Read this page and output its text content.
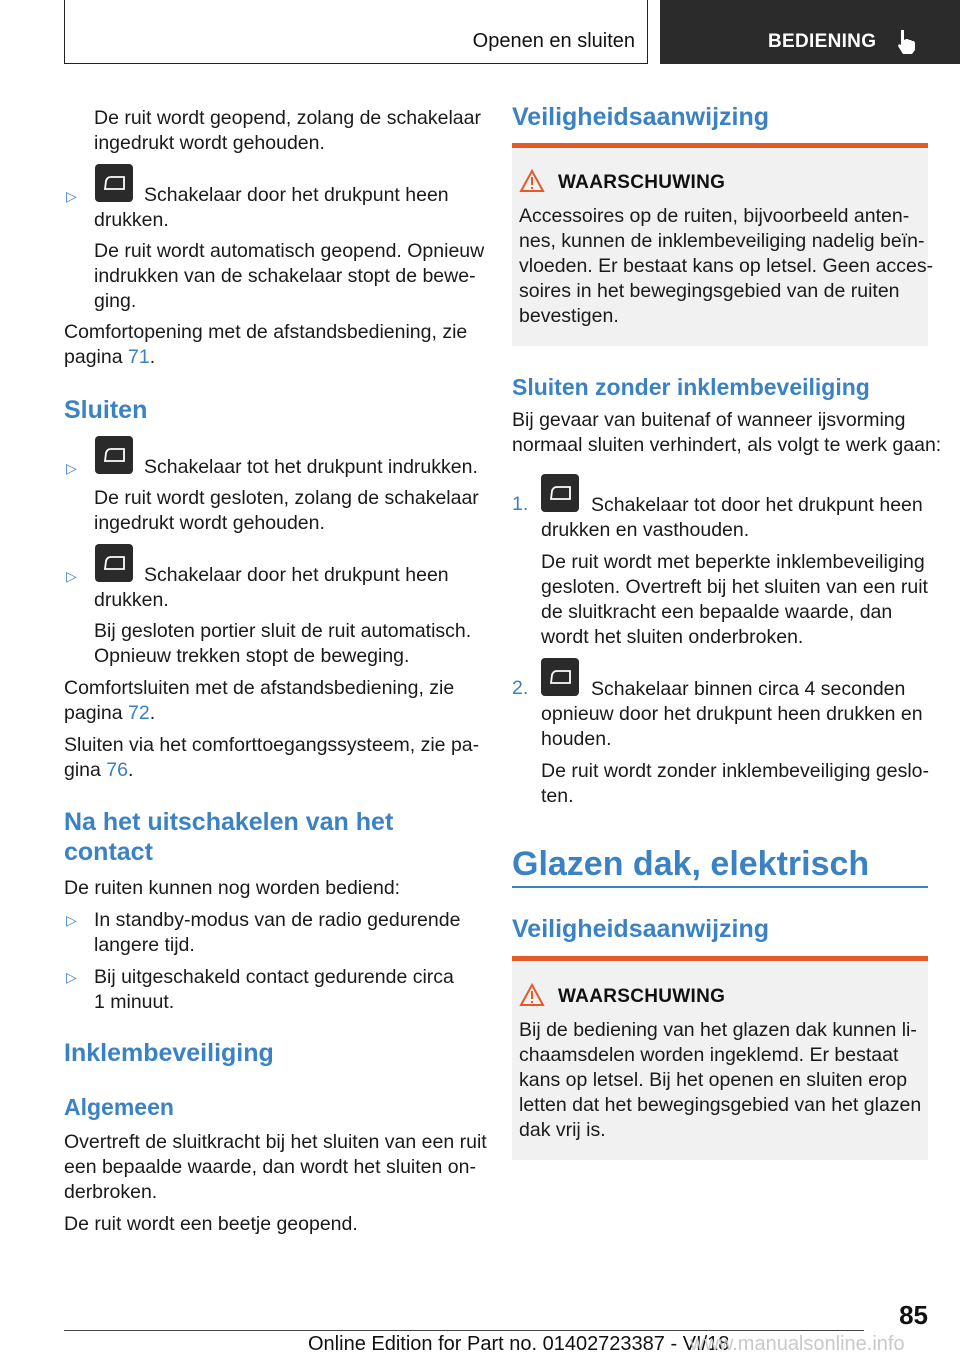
Openen en sluiten	BEDIENING
De ruit wordt geopend, zolang de schakelaar
ingedrukt wordt gehouden.
▷	Schakelaar door het drukpunt heen
drukken.
De ruit wordt automatisch geopend. Opnieuw
indrukken van de schakelaar stopt de bewe-
ging.
Comfortopening met de afstandsbediening, zie
pagina 71.
Sluiten
▷	Schakelaar tot het drukpunt indrukken.
De ruit wordt gesloten, zolang de schakelaar
ingedrukt wordt gehouden.
▷	Schakelaar door het drukpunt heen
drukken.
Bij gesloten portier sluit de ruit automatisch.
Opnieuw trekken stopt de beweging.
Comfortsluiten met de afstandsbediening, zie
pagina 72.
Sluiten via het comforttoegangssysteem, zie pa-
gina 76.
Na het uitschakelen van het
contact
De ruiten kunnen nog worden bediend:
▷ In standby-modus van de radio gedurende
langere tijd.
▷ Bij uitgeschakeld contact gedurende circa
1 minuut.
Inklembeveiliging
Algemeen
Overtreft de sluitkracht bij het sluiten van een ruit
een bepaalde waarde, dan wordt het sluiten on-
derbroken.
De ruit wordt een beetje geopend.
Veiligheidsaanwijzing
WAARSCHUWING
Accessoires op de ruiten, bijvoorbeeld anten-
nes, kunnen de inklembeveiliging nadelig beïn-
vloeden. Er bestaat kans op letsel. Geen acces-
soires in het bewegingsgebied van de ruiten
bevestigen.
Sluiten zonder inklembeveiliging
Bij gevaar van buitenaf of wanneer ijsvorming
normaal sluiten verhindert, als volgt te werk gaan:
1.	Schakelaar tot door het drukpunt heen
drukken en vasthouden.
De ruit wordt met beperkte inklembeveiliging
gesloten. Overtreft bij het sluiten van een ruit
de sluitkracht een bepaalde waarde, dan
wordt het sluiten onderbroken.
2.	Schakelaar binnen circa 4 seconden
opnieuw door het drukpunt heen drukken en
houden.
De ruit wordt zonder inklembeveiliging geslo-
ten.
Glazen dak, elektrisch
Veiligheidsaanwijzing
WAARSCHUWING
Bij de bediening van het glazen dak kunnen li-
chaamsdelen worden ingeklemd. Er bestaat
kans op letsel. Bij het openen en sluiten erop
letten dat het bewegingsgebied van het glazen
dak vrij is.
85
Online Edition for Part no. 01402723387 - VI/18
www.manualsonline.info
